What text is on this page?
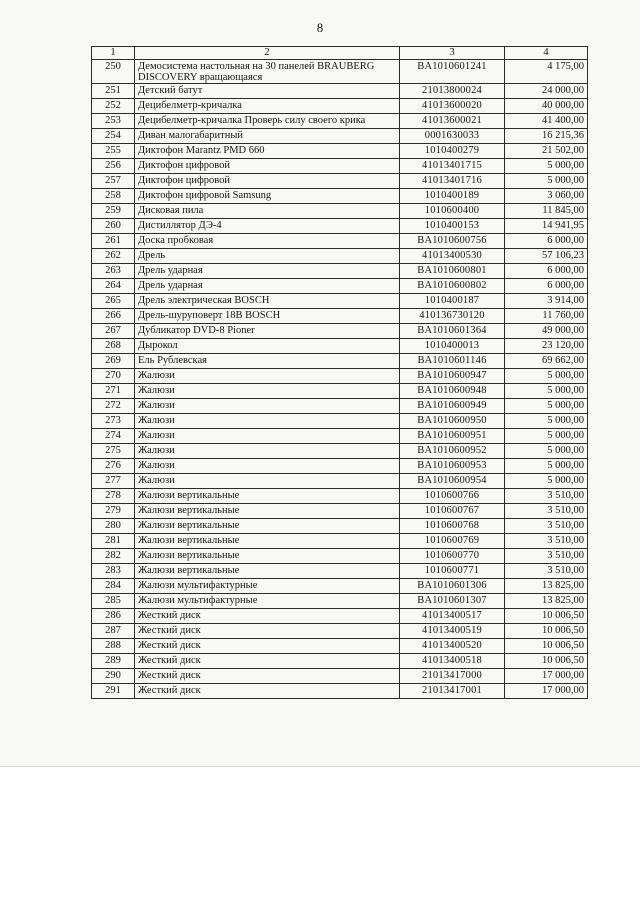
8
1	2	3	4
250	Демосистема настольная на 30 панелей BRAUBERG DISCOVERY вращающаяся	BA1010601241	4 175,00
251	Детский батут	21013800024	24 000,00
252	Децибелметр-кричалка	41013600020	40 000,00
253	Децибелметр-кричалка Проверь силу своего крика	41013600021	41 400,00
254	Диван малогабаритный	0001630033	16 215,36
255	Диктофон Marantz PMD 660	1010400279	21 502,00
256	Диктофон цифровой	41013401715	5 000,00
257	Диктофон цифровой	41013401716	5 000,00
258	Диктофон цифровой Samsung	1010400189	3 060,00
259	Дисковая пила	1010600400	11 845,00
260	Дистиллятор ДЭ-4	1010400153	14 941,95
261	Доска пробковая	BA1010600756	6 000,00
262	Дрель	41013400530	57 106,23
263	Дрель ударная	BA1010600801	6 000,00
264	Дрель ударная	BA1010600802	6 000,00
265	Дрель электрическая BOSCH	1010400187	3 914,00
266	Дрель-шуруповерт 18В BOSCH	410136730120	11 760,00
267	Дубликатор DVD-8 Pioner	BA1010601364	49 000,00
268	Дырокол	1010400013	23 120,00
269	Ель Рублевская	BA1010601146	69 662,00
270	Жалюзи	BA1010600947	5 000,00
271	Жалюзи	BA1010600948	5 000,00
272	Жалюзи	BA1010600949	5 000,00
273	Жалюзи	BA1010600950	5 000,00
274	Жалюзи	BA1010600951	5 000,00
275	Жалюзи	BA1010600952	5 000,00
276	Жалюзи	BA1010600953	5 000,00
277	Жалюзи	BA1010600954	5 000,00
278	Жалюзи вертикальные	1010600766	3 510,00
279	Жалюзи вертикальные	1010600767	3 510,00
280	Жалюзи вертикальные	1010600768	3 510,00
281	Жалюзи вертикальные	1010600769	3 510,00
282	Жалюзи вертикальные	1010600770	3 510,00
283	Жалюзи вертикальные	1010600771	3 510,00
284	Жалюзи мультифактурные	BA1010601306	13 825,00
285	Жалюзи мультифактурные	BA1010601307	13 825,00
286	Жесткий диск	41013400517	10 006,50
287	Жесткий диск	41013400519	10 006,50
288	Жесткий диск	41013400520	10 006,50
289	Жесткий диск	41013400518	10 006,50
290	Жесткий диск	21013417000	17 000,00
291	Жесткий диск	21013417001	17 000,00
